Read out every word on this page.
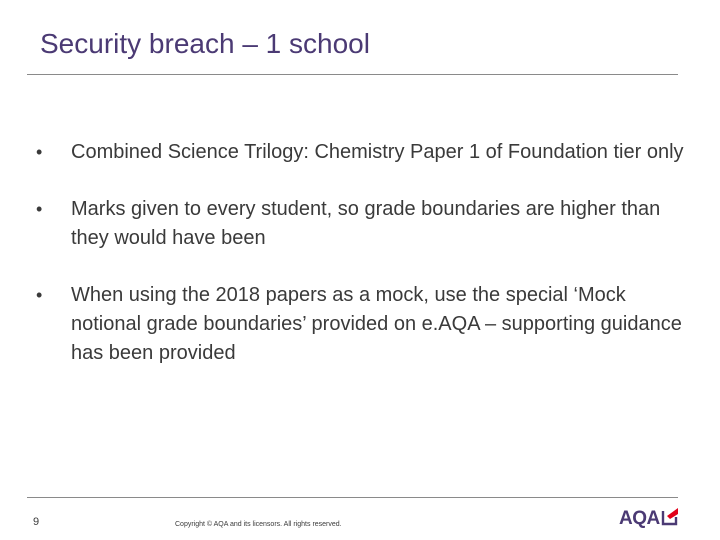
Security breach – 1 school
•	Combined Science Trilogy: Chemistry Paper 1 of Foundation tier only
•	Marks given to every student, so grade boundaries are higher than they would have been
•	When using the 2018 papers as a mock, use the special ‘Mock notional grade boundaries’ provided on e.AQA – supporting guidance has been provided
9	Copyright © AQA and its licensors. All rights reserved.	AQA
